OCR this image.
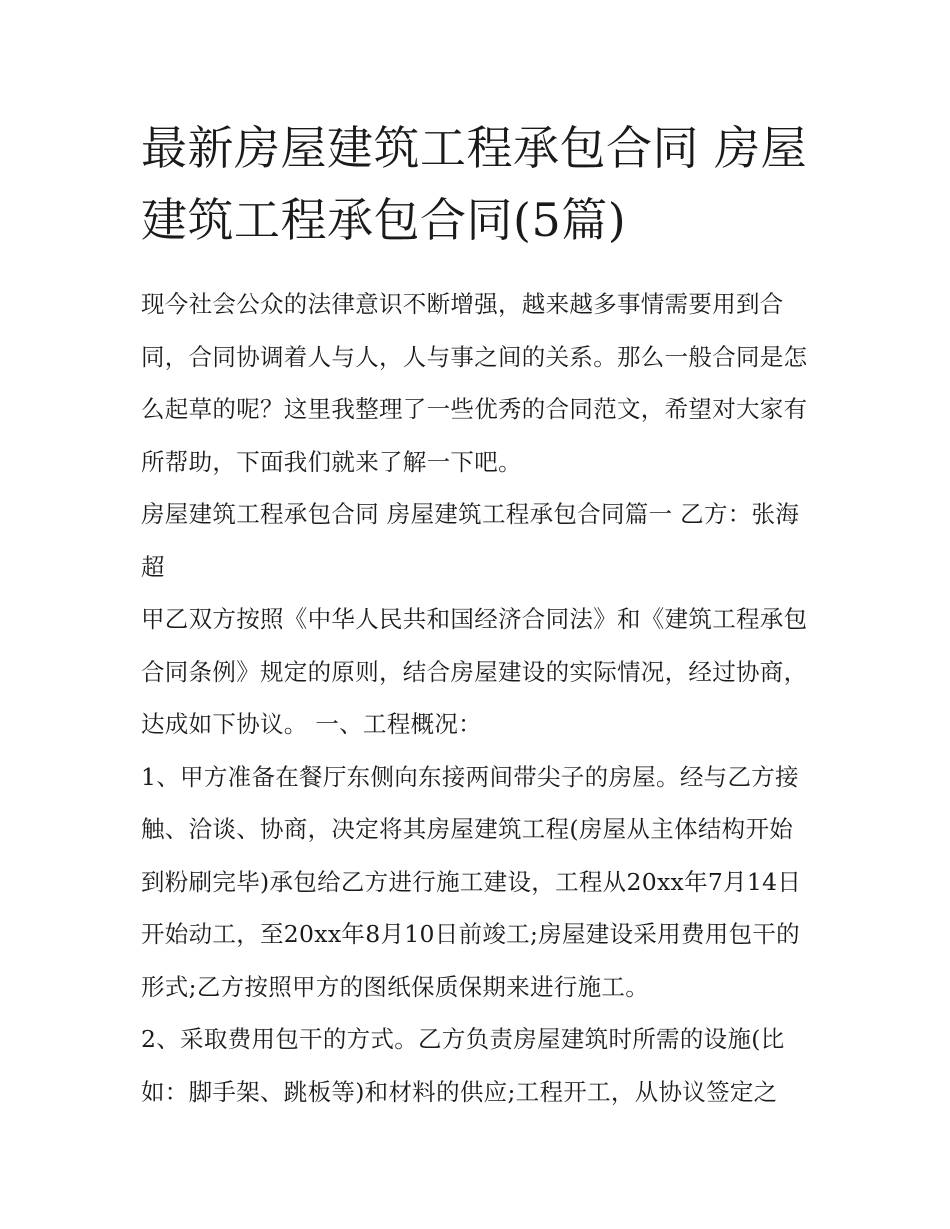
最新房屋建筑工程承包合同 房屋建筑工程承包合同(5篇)

现今社会公众的法律意识不断增强，越来越多事情需要用到合同，合同协调着人与人，人与事之间的关系。那么一般合同是怎么起草的呢？这里我整理了一些优秀的合同范文，希望对大家有所帮助，下面我们就来了解一下吧。

房屋建筑工程承包合同 房屋建筑工程承包合同篇一 乙方：张海超

甲乙双方按照《中华人民共和国经济合同法》和《建筑工程承包合同条例》规定的原则，结合房屋建设的实际情况，经过协商，达成如下协议。 一、工程概况：

1、甲方准备在餐厅东侧向东接两间带尖子的房屋。经与乙方接触、洽谈、协商，决定将其房屋建筑工程(房屋从主体结构开始到粉刷完毕)承包给乙方进行施工建设，工程从20xx年7月14日开始动工，至20xx年8月10日前竣工;房屋建设采用费用包干的形式;乙方按照甲方的图纸保质保期来进行施工。

2、采取费用包干的方式。乙方负责房屋建筑时所需的设施(比如：脚手架、跳板等)和材料的供应;工程开工，从协议签定之
